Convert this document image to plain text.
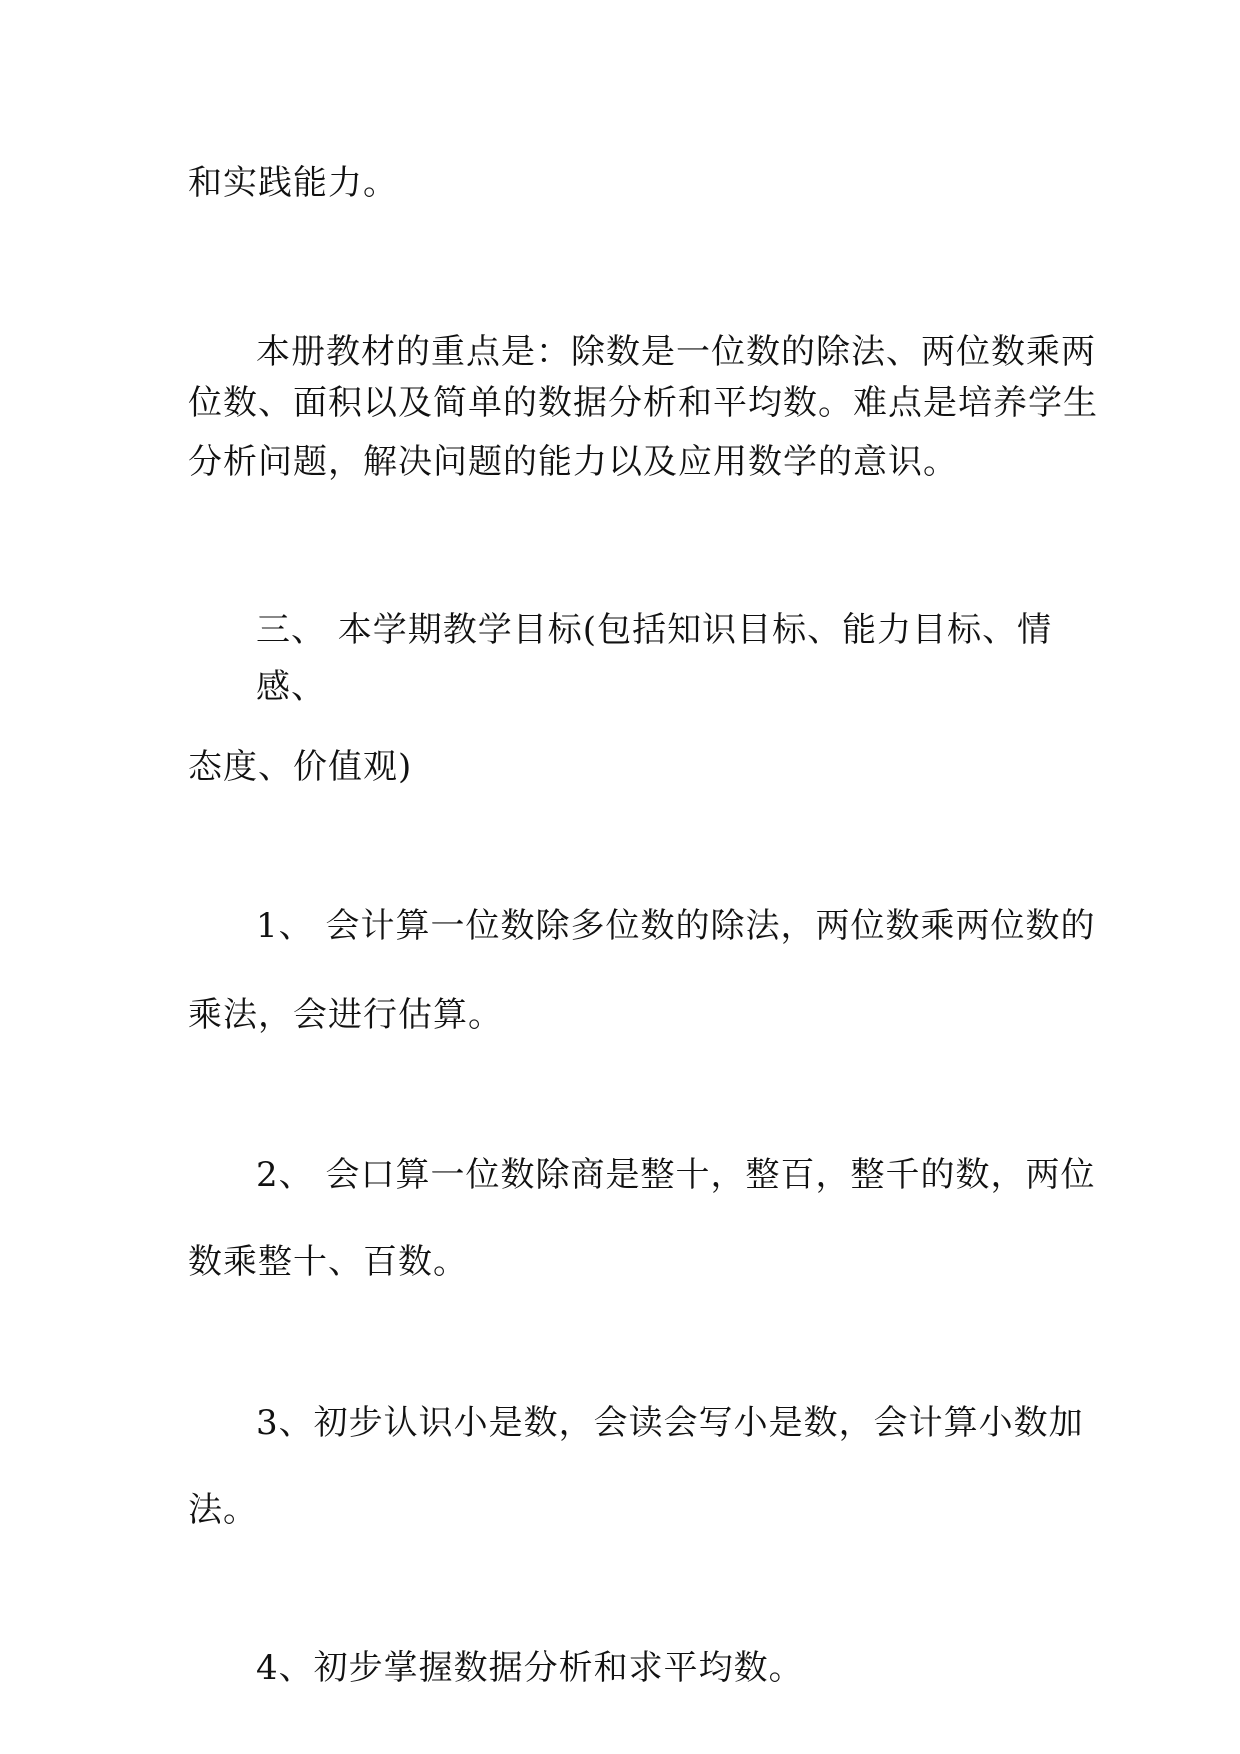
和实践能力。
本册教材的重点是：除数是一位数的除法、两位数乘两
位数、面积以及简单的数据分析和平均数。难点是培养学生
分析问题，解决问题的能力以及应用数学的意识。
三、 本学期教学目标(包括知识目标、能力目标、情
感、
态度、价值观)
1、 会计算一位数除多位数的除法，两位数乘两位数的
乘法，会进行估算。
2、 会口算一位数除商是整十，整百，整千的数，两位
数乘整十、百数。
3、初步认识小是数，会读会写小是数，会计算小数加
法。
4、初步掌握数据分析和求平均数。
